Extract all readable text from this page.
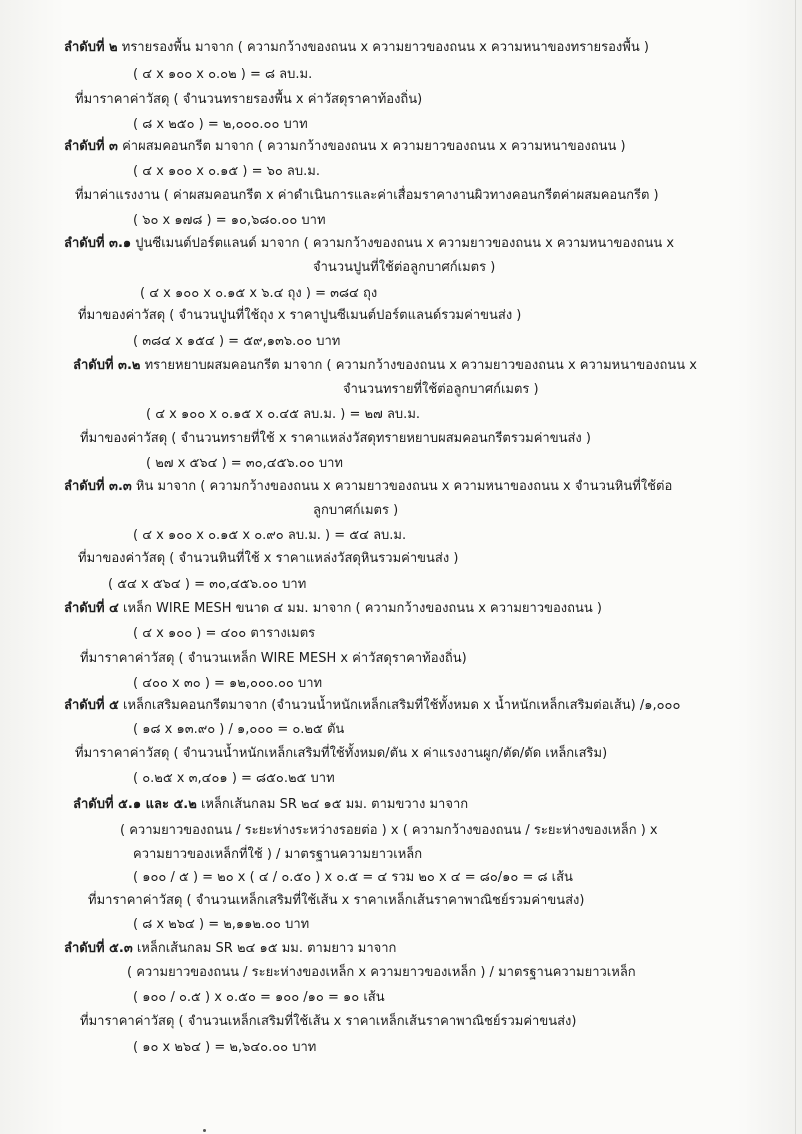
ลำดับที่ ๒ ทรายรองพื้น มาจาก ( ความกว้างของถนน x ความยาวของถนน x ความหนาของทรายรองพื้น )
( ๔ x ๑๐๐ x ๐.๐๒ ) = ๘ ลบ.ม.
ที่มาราคาค่าวัสดุ ( จำนวนทรายรองพื้น x ค่าวัสดุราคาท้องถิ่น)
( ๘ x ๒๕๐ ) = ๒,๐๐๐.๐๐ บาท
ลำดับที่ ๓ ค่าผสมคอนกรีต มาจาก ( ความกว้างของถนน x ความยาวของถนน x ความหนาของถนน )
( ๔ x ๑๐๐ x ๐.๑๕ ) = ๖๐ ลบ.ม.
ที่มาค่าแรงงาน ( ค่าผสมคอนกรีต x ค่าดำเนินการและค่าเสื่อมราคางานผิวทางคอนกรีตค่าผสมคอนกรีต )
( ๖๐ x ๑๗๘ ) = ๑๐,๖๘๐.๐๐ บาท
ลำดับที่ ๓.๑ ปูนซีเมนต์ปอร์ตแลนด์ มาจาก ( ความกว้างของถนน x ความยาวของถนน x ความหนาของถนน x
จำนวนปูนที่ใช้ต่อลูกบาศก์เมตร )
( ๔ x ๑๐๐ x ๐.๑๕ x ๖.๔ ถุง ) = ๓๘๔ ถุง
ที่มาของค่าวัสดุ ( จำนวนปูนที่ใช้ถุง x ราคาปูนซีเมนต์ปอร์ตแลนด์รวมค่าขนส่ง )
( ๓๘๔ x ๑๕๔ ) = ๕๙,๑๓๖.๐๐ บาท
ลำดับที่ ๓.๒ ทรายหยาบผสมคอนกรีต มาจาก ( ความกว้างของถนน x ความยาวของถนน x ความหนาของถนน x
จำนวนทรายที่ใช้ต่อลูกบาศก์เมตร )
( ๔ x ๑๐๐ x ๐.๑๕ x ๐.๔๕ ลบ.ม. ) = ๒๗ ลบ.ม.
ที่มาของค่าวัสดุ ( จำนวนทรายที่ใช้ x ราคาแหล่งวัสดุทรายหยาบผสมคอนกรีตรวมค่าขนส่ง )
( ๒๗ x ๕๖๔ ) = ๓๐,๔๕๖.๐๐ บาท
ลำดับที่ ๓.๓ หิน มาจาก ( ความกว้างของถนน x ความยาวของถนน x ความหนาของถนน x จำนวนหินที่ใช้ต่อ
ลูกบาศก์เมตร )
( ๔ x ๑๐๐ x ๐.๑๕ x ๐.๙๐ ลบ.ม. ) = ๕๔ ลบ.ม.
ที่มาของค่าวัสดุ ( จำนวนหินที่ใช้ x ราคาแหล่งวัสดุหินรวมค่าขนส่ง )
( ๕๔ x ๕๖๔ ) = ๓๐,๔๕๖.๐๐ บาท
ลำดับที่ ๔ เหล็ก WIRE MESH ขนาด ๔ มม. มาจาก ( ความกว้างของถนน x ความยาวของถนน )
( ๔ x ๑๐๐ ) = ๔๐๐ ตารางเมตร
ที่มาราคาค่าวัสดุ ( จำนวนเหล็ก WIRE MESH x ค่าวัสดุราคาท้องถิ่น)
( ๔๐๐ x ๓๐ ) = ๑๒,๐๐๐.๐๐ บาท
ลำดับที่ ๕ เหล็กเสริมคอนกรีตมาจาก (จำนวนน้ำหนักเหล็กเสริมที่ใช้ทั้งหมด x น้ำหนักเหล็กเสริมต่อเส้น) /๑,๐๐๐
( ๑๘ x ๑๓.๙๐ ) / ๑,๐๐๐ = ๐.๒๕ ตัน
ที่มาราคาค่าวัสดุ ( จำนวนน้ำหนักเหล็กเสริมที่ใช้ทั้งหมด/ตัน x ค่าแรงงานผูก/ตัด/ดัด เหล็กเสริม)
( ๐.๒๕ x ๓,๔๐๑ ) = ๘๕๐.๒๕ บาท
ลำดับที่ ๕.๑ และ ๕.๒ เหล็กเส้นกลม SR ๒๔ ๑๕ มม. ตามขวาง มาจาก
( ความยาวของถนน / ระยะห่างระหว่างรอยต่อ ) x ( ความกว้างของถนน / ระยะห่างของเหล็ก ) x
ความยาวของเหล็กที่ใช้ ) / มาตรฐานความยาวเหล็ก
( ๑๐๐ / ๕ ) = ๒๐ x ( ๔ / ๐.๕๐ ) x ๐.๕ = ๔ รวม ๒๐ x ๔ = ๘๐/๑๐ = ๘ เส้น
ที่มาราคาค่าวัสดุ ( จำนวนเหล็กเสริมที่ใช้เส้น x ราคาเหล็กเส้นราคาพาณิชย์รวมค่าขนส่ง)
( ๘ x ๒๖๔ ) = ๒,๑๑๒.๐๐ บาท
ลำดับที่ ๕.๓ เหล็กเส้นกลม SR ๒๔ ๑๕ มม. ตามยาว มาจาก
( ความยาวของถนน / ระยะห่างของเหล็ก x ความยาวของเหล็ก ) / มาตรฐานความยาวเหล็ก
( ๑๐๐ / ๐.๕ ) x ๐.๕๐ = ๑๐๐ /๑๐ = ๑๐ เส้น
ที่มาราคาค่าวัสดุ ( จำนวนเหล็กเสริมที่ใช้เส้น x ราคาเหล็กเส้นราคาพาณิชย์รวมค่าขนส่ง)
( ๑๐ x ๒๖๔ ) = ๒,๖๔๐.๐๐ บาท
